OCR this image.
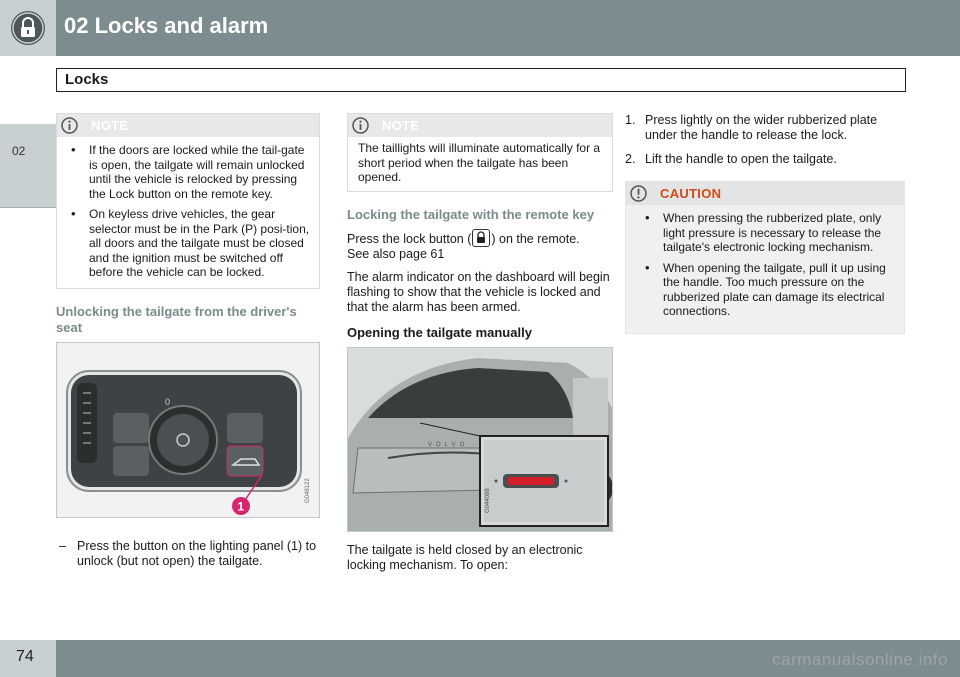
02 Locks and alarm
Locks
02
NOTE
• If the doors are locked while the tail-gate is open, the tailgate will remain unlocked until the vehicle is relocked by pressing the Lock button on the remote key.
• On keyless drive vehicles, the gear selector must be in the Park (P) posi-tion, all doors and the tailgate must be closed and the ignition must be switched off before the vehicle can be locked.
Unlocking the tailgate from the driver's seat
0
1
G048122
– Press the button on the lighting panel (1) to unlock (but not open) the tailgate.

NOTE
The taillights will illuminate automatically for a short period when the tailgate has been opened.
Locking the tailgate with the remote key

Press the lock button ( ) on the remote.
See also page 61

The alarm indicator on the dashboard will begin flashing to show that the vehicle is locked and that the alarm has been armed.

Opening the tailgate manually
VOLVO
G044088

The tailgate is held closed by an electronic locking mechanism. To open:

1. Press lightly on the wider rubberized plate under the handle to release the lock.
2. Lift the handle to open the tailgate.
CAUTION
• When pressing the rubberized plate, only light pressure is necessary to release the tailgate's electronic locking mechanism.
• When opening the tailgate, pull it up using the handle. Too much pressure on the rubberized plate can damage its electrical connections.
74	carmanualsonline.info
